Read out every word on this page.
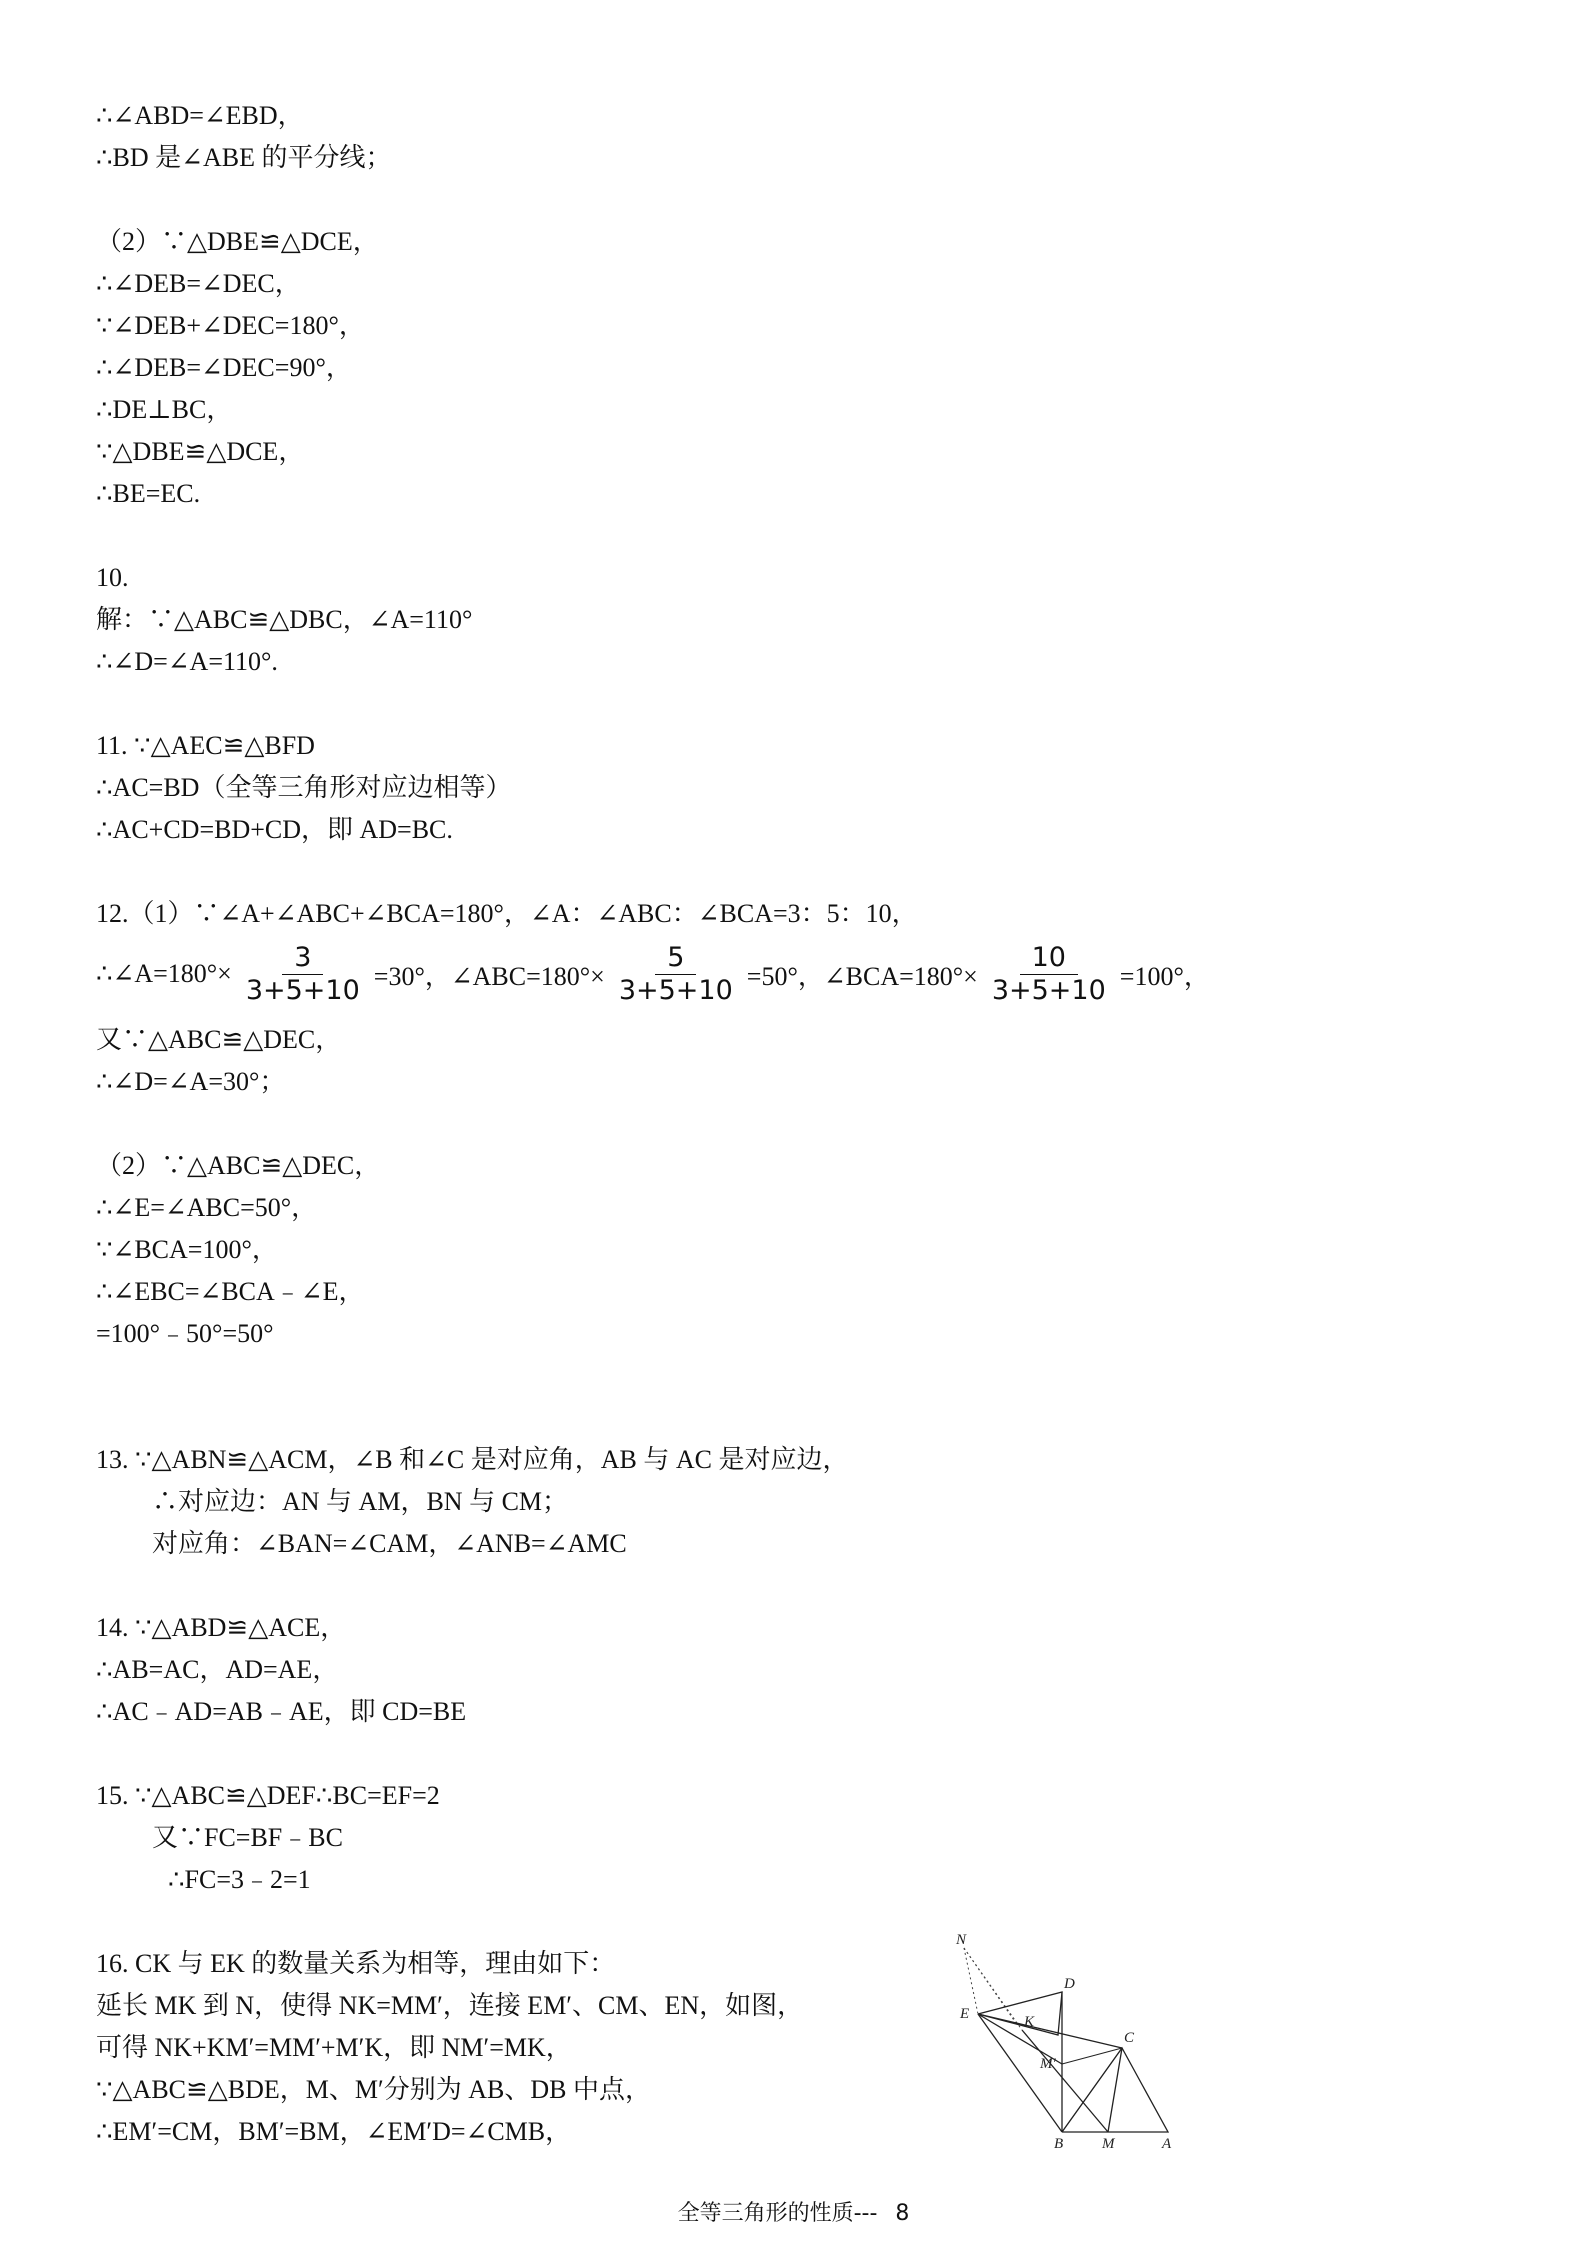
∴∠ABD=∠EBD，
∴BD 是∠ABE 的平分线；
（2）∵△DBE≌△DCE，
∴∠DEB=∠DEC，
∵∠DEB+∠DEC=180°，
∴∠DEB=∠DEC=90°，
∴DE⊥BC，
∵△DBE≌△DCE，
∴BE=EC.
10.
解：∵△ABC≌△DBC，∠A=110°
∴∠D=∠A=110°.
11. ∵△AEC≌△BFD
∴AC=BD（全等三角形对应边相等）
∴AC+CD=BD+CD，即 AD=BC.
12.（1）∵∠A+∠ABC+∠BCA=180°，∠A：∠ABC：∠BCA=3：5：10，
∴∠A=180°× $\frac{3}{3+5+10} =30^\circ$，∠ABC=180°× $\frac{5}{3+5+10} =50^\circ$，∠BCA=180°× $\frac{10}{3+5+10} =100^\circ$，
又∵△ABC≌△DEC，
∴∠D=∠A=30°；
（2）∵△ABC≌△DEC，
∴∠E=∠ABC=50°，
∵∠BCA=100°，
∴∠EBC=∠BCA﹣∠E，
=100°﹣50°=50°
13. ∵△ABN≌△ACM，∠B 和∠C 是对应角，AB 与 AC 是对应边，
∴对应边：AN 与 AM，BN 与 CM；
对应角：∠BAN=∠CAM，∠ANB=∠AMC
14. ∵△ABD≌△ACE，
∴AB=AC，AD=AE，
∴AC﹣AD=AB﹣AE，即 CD=BE
15. ∵△ABC≌△DEF∴BC=EF=2
又∵FC=BF﹣BC
∴FC=3﹣2=1
16. CK 与 EK 的数量关系为相等，理由如下：
延长 MK 到 N，使得 NK=MM′，连接 EM′、CM、EN，如图，
可得 NK+KM′=MM′+M′K，即 NM′=MK，
∵△ABC≌△BDE，M、M′分别为 AB、DB 中点，
∴EM′=CM，BM′=BM，∠EM′D=∠CMB，
N
D
E	K
C
M′
B	M	A
全等三角形的性质--- 8
